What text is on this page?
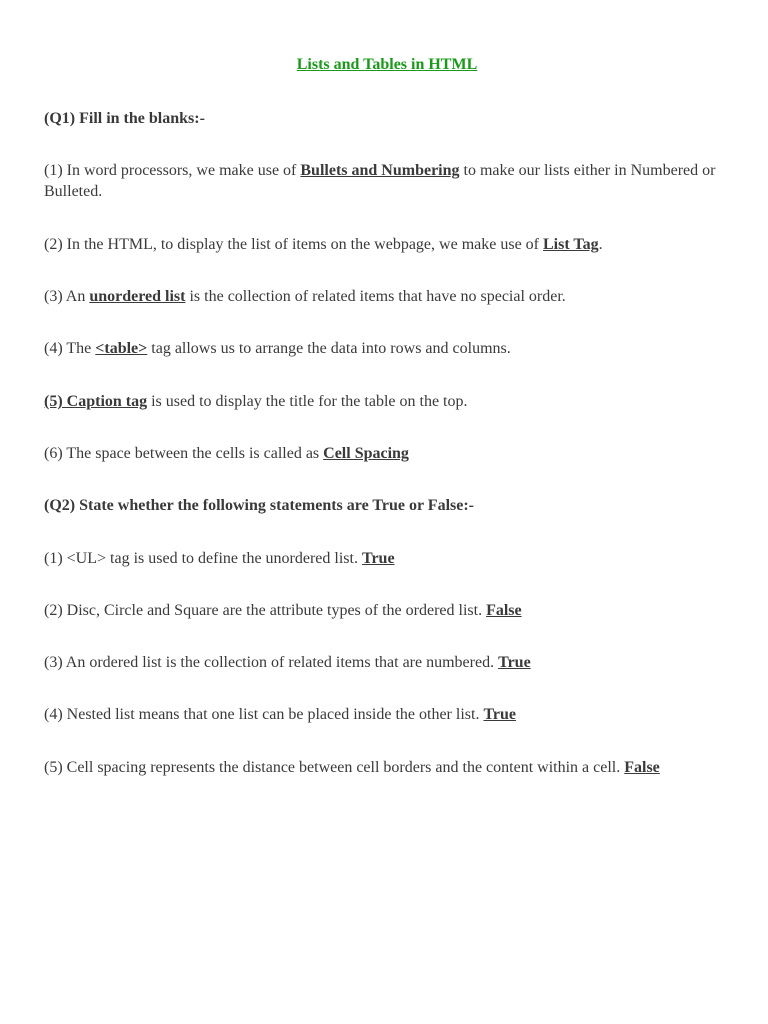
Lists and Tables in HTML
(Q1) Fill in the blanks:-
(1) In word processors, we make use of Bullets and Numbering to make our lists either in Numbered or Bulleted.
(2) In the HTML, to display the list of items on the webpage, we make use of List Tag.
(3) An unordered list is the collection of related items that have no special order.
(4) The <table> tag allows us to arrange the data into rows and columns.
(5) Caption tag is used to display the title for the table on the top.
(6) The space between the cells is called as Cell Spacing
(Q2) State whether the following statements are True or False:-
(1) <UL> tag is used to define the unordered list. True
(2) Disc, Circle and Square are the attribute types of the ordered list. False
(3) An ordered list is the collection of related items that are numbered. True
(4) Nested list means that one list can be placed inside the other list. True
(5) Cell spacing represents the distance between cell borders and the content within a cell. False
